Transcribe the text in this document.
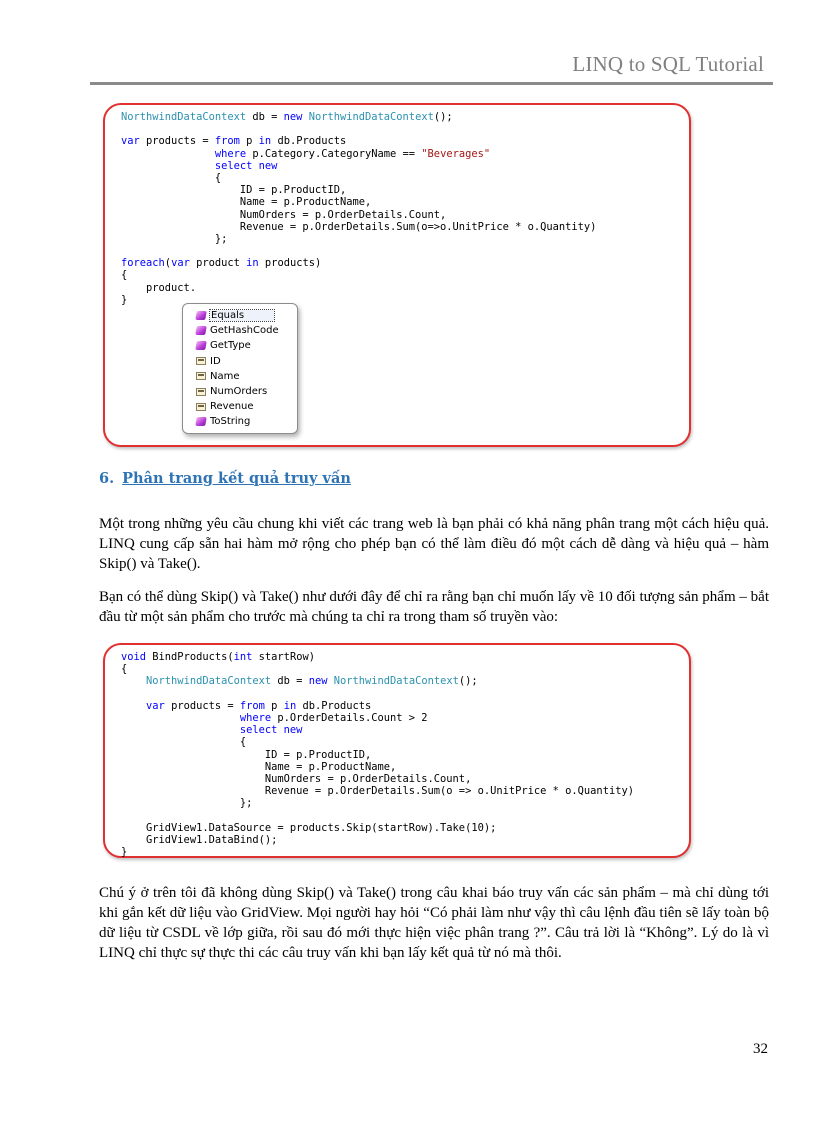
LINQ to SQL Tutorial
NorthwindDataContext db = new NorthwindDataContext();

var products = from p in db.Products
where p.Category.CategoryName == "Beverages"
select new
{
ID = p.ProductID,
Name = p.ProductName,
NumOrders = p.OrderDetails.Count,
Revenue = p.OrderDetails.Sum(o=>o.UnitPrice * o.Quantity)
};

foreach(var product in products)
{
product.
}
Equals
GetHashCode
GetType
ID
Name
NumOrders
Revenue
ToString
6. Phân trang kết quả truy vấn
Một trong những yêu cầu chung khi viết các trang web là bạn phải có khả năng phân trang một cách hiệu quả. LINQ cung cấp sẵn hai hàm mở rộng cho phép bạn có thể làm điều đó một cách dễ dàng và hiệu quả – hàm Skip() và Take().
Bạn có thể dùng Skip() và Take() như dưới đây để chỉ ra rằng bạn chỉ muốn lấy về 10 đối tượng sản phẩm – bắt đầu từ một sản phẩm cho trước mà chúng ta chỉ ra trong tham số truyền vào:
void BindProducts(int startRow)
{
NorthwindDataContext db = new NorthwindDataContext();

var products = from p in db.Products
where p.OrderDetails.Count > 2
select new
{
ID = p.ProductID,
Name = p.ProductName,
NumOrders = p.OrderDetails.Count,
Revenue = p.OrderDetails.Sum(o => o.UnitPrice * o.Quantity)
};

GridView1.DataSource = products.Skip(startRow).Take(10);
GridView1.DataBind();
}
Chú ý ở trên tôi đã không dùng Skip() và Take() trong câu khai báo truy vấn các sản phẩm – mà chỉ dùng tới khi gắn kết dữ liệu vào GridView. Mọi người hay hỏi “Có phải làm như vậy thì câu lệnh đầu tiên sẽ lấy toàn bộ dữ liệu từ CSDL về lớp giữa, rồi sau đó mới thực hiện việc phân trang ?”. Câu trả lời là “Không”. Lý do là vì LINQ chỉ thực sự thực thi các câu truy vấn khi bạn lấy kết quả từ nó mà thôi.
32
